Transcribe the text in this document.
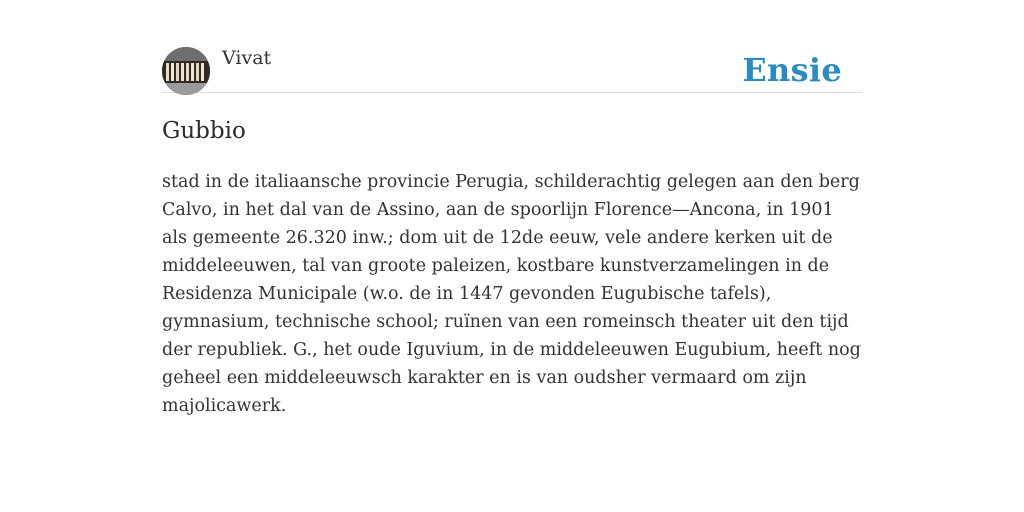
Vivat	Ensie
Gubbio

stad in de italiaansche provincie Perugia, schilderachtig gelegen aan den berg Calvo, in het dal van de Assino, aan de spoorlijn Florence—Ancona, in 1901 als gemeente 26.320 inw.; dom uit de 12de eeuw, vele andere kerken uit de middeleeuwen, tal van groote paleizen, kostbare kunstverzamelingen in de Residenza Municipale (w.o. de in 1447 gevonden Eugubische tafels), gymnasium, technische school; ruïnen van een romeinsch theater uit den tijd der republiek. G., het oude Iguvium, in de middeleeuwen Eugubium, heeft nog geheel een middeleeuwsch karakter en is van oudsher vermaard om zijn majolicawerk.
